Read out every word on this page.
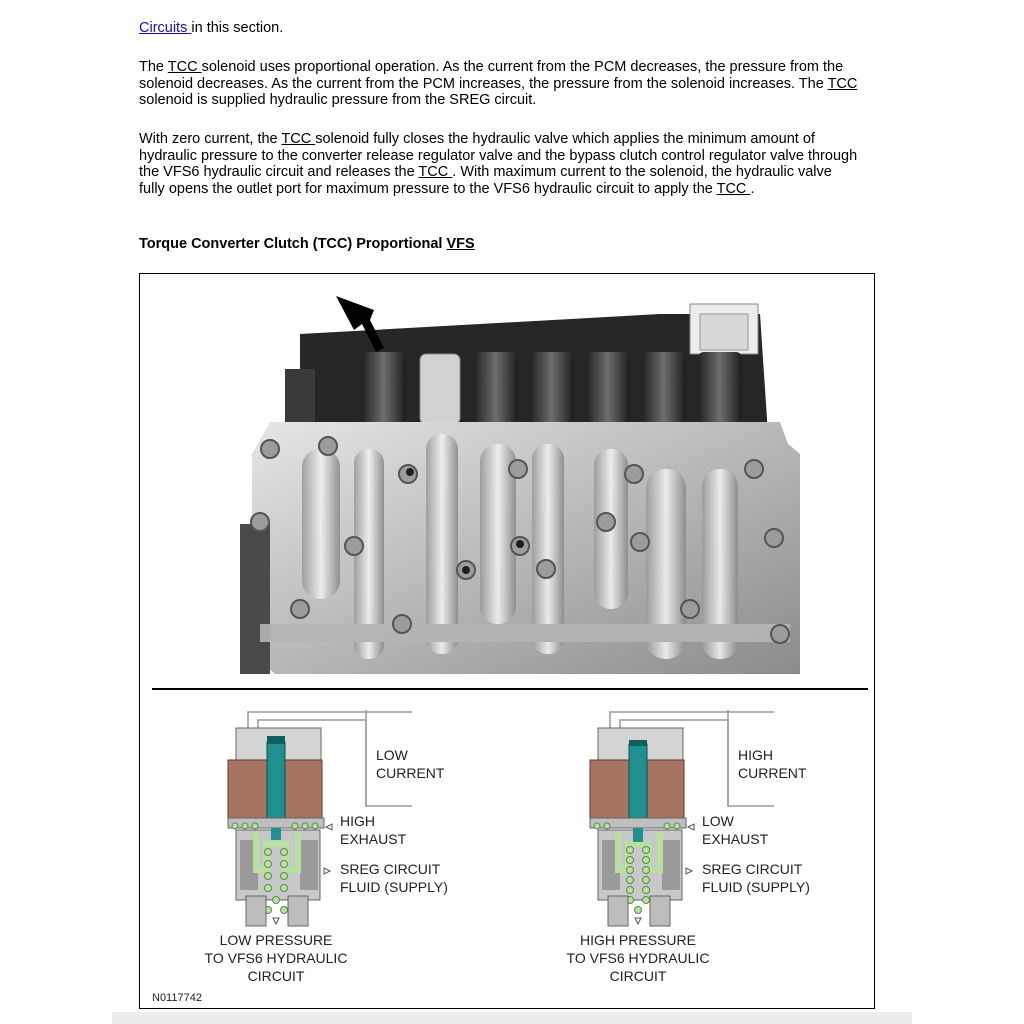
Circuits in this section.
The TCC solenoid uses proportional operation. As the current from the PCM decreases, the pressure from the solenoid decreases. As the current from the PCM increases, the pressure from the solenoid increases. The TCC solenoid is supplied hydraulic pressure from the SREG circuit.
With zero current, the TCC solenoid fully closes the hydraulic valve which applies the minimum amount of hydraulic pressure to the converter release regulator valve and the bypass clutch control regulator valve through the VFS6 hydraulic circuit and releases the TCC . With maximum current to the solenoid, the hydraulic valve fully opens the outlet port for maximum pressure to the VFS6 hydraulic circuit to apply the TCC .
Torque Converter Clutch (TCC) Proportional VFS
LOW
CURRENT
HIGH
EXHAUST
SREG CIRCUIT
FLUID (SUPPLY)
LOW PRESSURE
TO VFS6 HYDRAULIC
CIRCUIT
HIGH
CURRENT
LOW
EXHAUST
SREG CIRCUIT
FLUID (SUPPLY)
HIGH PRESSURE
TO VFS6 HYDRAULIC
CIRCUIT
N0117742
